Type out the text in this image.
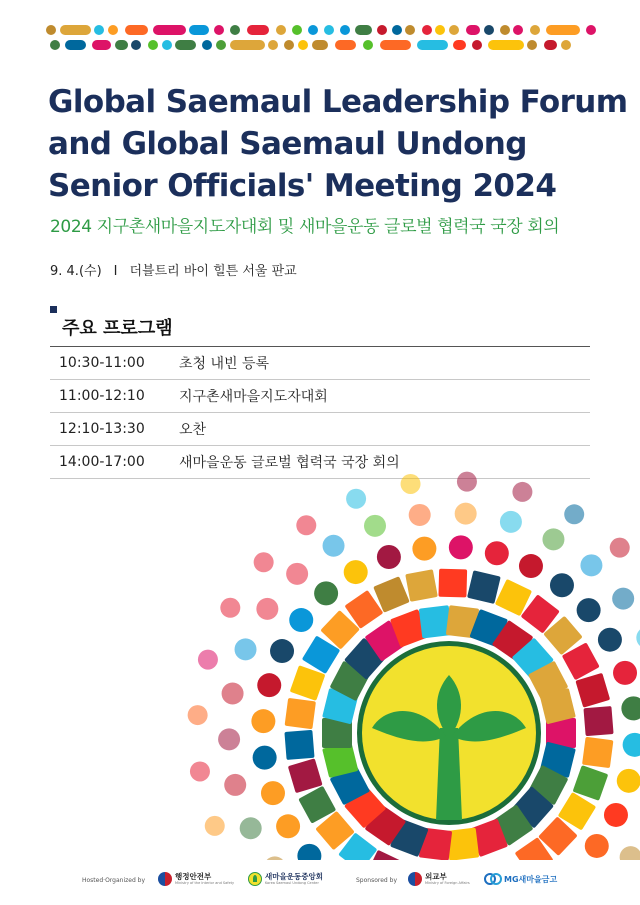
Global Saemaul Leadership Forum
and Global Saemaul Undong
Senior Officials' Meeting 2024
2024 지구촌새마을지도자대회 및 새마을운동 글로벌 협력국 국장 회의
9. 4.(수) I 더블트리 바이 힐튼 서울 판교
주요 프로그램
10:30-11:00	초청 내빈 등록
11:00-12:10	지구촌새마을지도자대회
12:10-13:30	오찬
14:00-17:00	새마을운동 글로벌 협력국 국장 회의
Hosted·Organized by	행정안전부
Ministry of the Interior and Safety
새마을운동중앙회
Korea Saemaul Undong Center	Sponsored by	외교부
Ministry of Foreign Affairs	MG새마을금고
